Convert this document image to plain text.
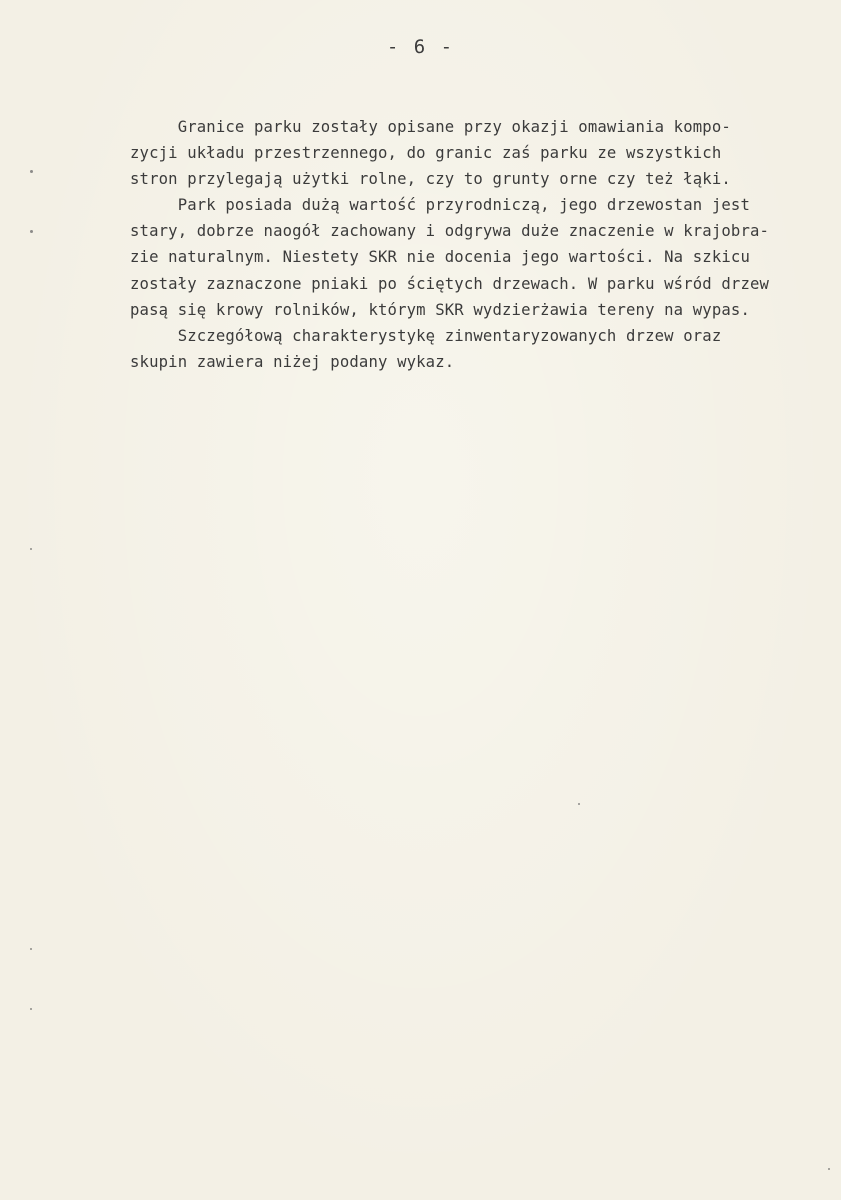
- 6 -
Granice parku zostały opisane przy okazji omawiania kompo-
zycji układu przestrzennego, do granic zaś parku ze wszystkich
stron przylegają użytki rolne, czy to grunty orne czy też łąki.
Park posiada dużą wartość przyrodniczą, jego drzewostan jest
stary, dobrze naogół zachowany i odgrywa duże znaczenie w krajobra-
zie naturalnym. Niestety SKR nie docenia jego wartości. Na szkicu
zostały zaznaczone pniaki po ściętych drzewach. W parku wśród drzew
pasą się krowy rolników, którym SKR wydzierżawia tereny na wypas.
Szczegółową charakterystykę zinwentaryzowanych drzew oraz
skupin zawiera niżej podany wykaz.
